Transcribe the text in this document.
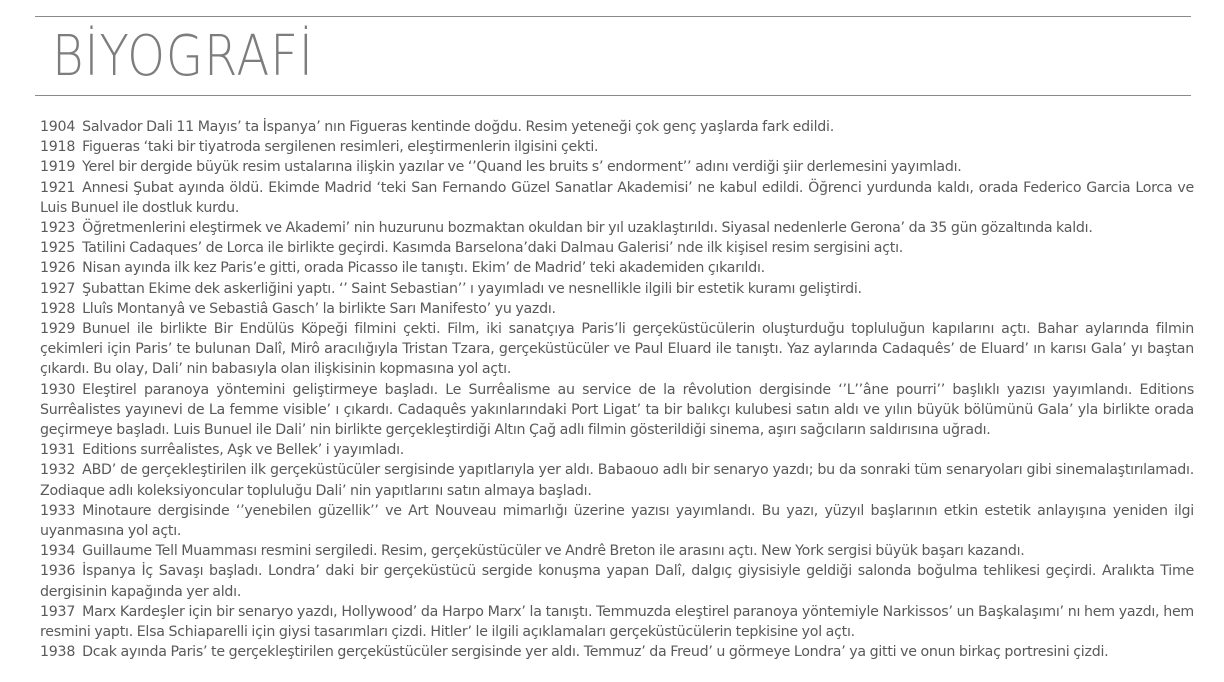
BİYOGRAFİ
1904 Salvador Dali 11 Mayıs’ ta İspanya’ nın Figueras kentinde doğdu. Resim yeteneği çok genç yaşlarda fark edildi.
1918 Figueras ‘taki bir tiyatroda sergilenen resimleri, eleştirmenlerin ilgisini çekti.
1919 Yerel bir dergide büyük resim ustalarına ilişkin yazılar ve ‘’Quand les bruits s’ endorment’’ adını verdiği şiir derlemesini yayımladı.
1921 Annesi Şubat ayında öldü. Ekimde Madrid ‘teki San Fernando Güzel Sanatlar Akademisi’ ne kabul edildi. Öğrenci yurdunda kaldı, orada Federico Garcia Lorca ve Luis Bunuel ile dostluk kurdu.
1923 Öğretmenlerini eleştirmek ve Akademi’ nin huzurunu bozmaktan okuldan bir yıl uzaklaştırıldı. Siyasal nedenlerle Gerona’ da 35 gün gözaltında kaldı.
1925 Tatilini Cadaques’ de Lorca ile birlikte geçirdi. Kasımda Barselona’daki Dalmau Galerisi’ nde ilk kişisel resim sergisini açtı.
1926 Nisan ayında ilk kez Paris’e gitti, orada Picasso ile tanıştı. Ekim’ de Madrid’ teki akademiden çıkarıldı.
1927 Şubattan Ekime dek askerliğini yaptı. ‘’ Saint Sebastian’’ ı yayımladı ve nesnellikle ilgili bir estetik kuramı geliştirdi.
1928 Lluîs Montanyâ ve Sebastiâ Gasch’ la birlikte Sarı Manifesto’ yu yazdı.
1929 Bunuel ile birlikte Bir Endülüs Köpeği filmini çekti. Film, iki sanatçıya Paris’li gerçeküstücülerin oluşturduğu topluluğun kapılarını açtı. Bahar aylarında filmin çekimleri için Paris’ te bulunan Dalî, Mirô aracılığıyla Tristan Tzara, gerçeküstücüler ve Paul Eluard ile tanıştı. Yaz aylarında Cadaquês’ de Eluard’ ın karısı Gala’ yı baştan çıkardı. Bu olay, Dali’ nin babasıyla olan ilişkisinin kopmasına yol açtı.
1930 Eleştirel paranoya yöntemini geliştirmeye başladı. Le Surrêalisme au service de la rêvolution dergisinde ‘’L’’âne pourri’’ başlıklı yazısı yayımlandı. Editions Surrêalistes yayınevi de La femme visible’ ı çıkardı. Cadaquês yakınlarındaki Port Ligat’ ta bir balıkçı kulubesi satın aldı ve yılın büyük bölümünü Gala’ yla birlikte orada geçirmeye başladı. Luis Bunuel ile Dali’ nin birlikte gerçekleştirdiği Altın Çağ adlı filmin gösterildiği sinema, aşırı sağcıların saldırısına uğradı.
1931 Editions surrêalistes, Aşk ve Bellek’ i yayımladı.
1932 ABD’ de gerçekleştirilen ilk gerçeküstücüler sergisinde yapıtlarıyla yer aldı. Babaouo adlı bir senaryo yazdı; bu da sonraki tüm senaryoları gibi sinemalaştırılamadı. Zodiaque adlı koleksiyoncular topluluğu Dali’ nin yapıtlarını satın almaya başladı.
1933 Minotaure dergisinde ‘’yenebilen güzellik’’ ve Art Nouveau mimarlığı üzerine yazısı yayımlandı. Bu yazı, yüzyıl başlarının etkin estetik anlayışına yeniden ilgi uyanmasına yol açtı.
1934 Guillaume Tell Muamması resmini sergiledi. Resim, gerçeküstücüler ve Andrê Breton ile arasını açtı. New York sergisi büyük başarı kazandı.
1936 İspanya İç Savaşı başladı. Londra’ daki bir gerçeküstücü sergide konuşma yapan Dalî, dalgıç giysisiyle geldiği salonda boğulma tehlikesi geçirdi. Aralıkta Time dergisinin kapağında yer aldı.
1937 Marx Kardeşler için bir senaryo yazdı, Hollywood’ da Harpo Marx’ la tanıştı. Temmuzda eleştirel paranoya yöntemiyle Narkissos’ un Başkalaşımı’ nı hem yazdı, hem resmini yaptı. Elsa Schiaparelli için giysi tasarımları çizdi. Hitler’ le ilgili açıklamaları gerçeküstücülerin tepkisine yol açtı.
1938 Dcak ayında Paris’ te gerçekleştirilen gerçeküstücüler sergisinde yer aldı. Temmuz’ da Freud’ u görmeye Londra’ ya gitti ve onun birkaç portresini çizdi.
